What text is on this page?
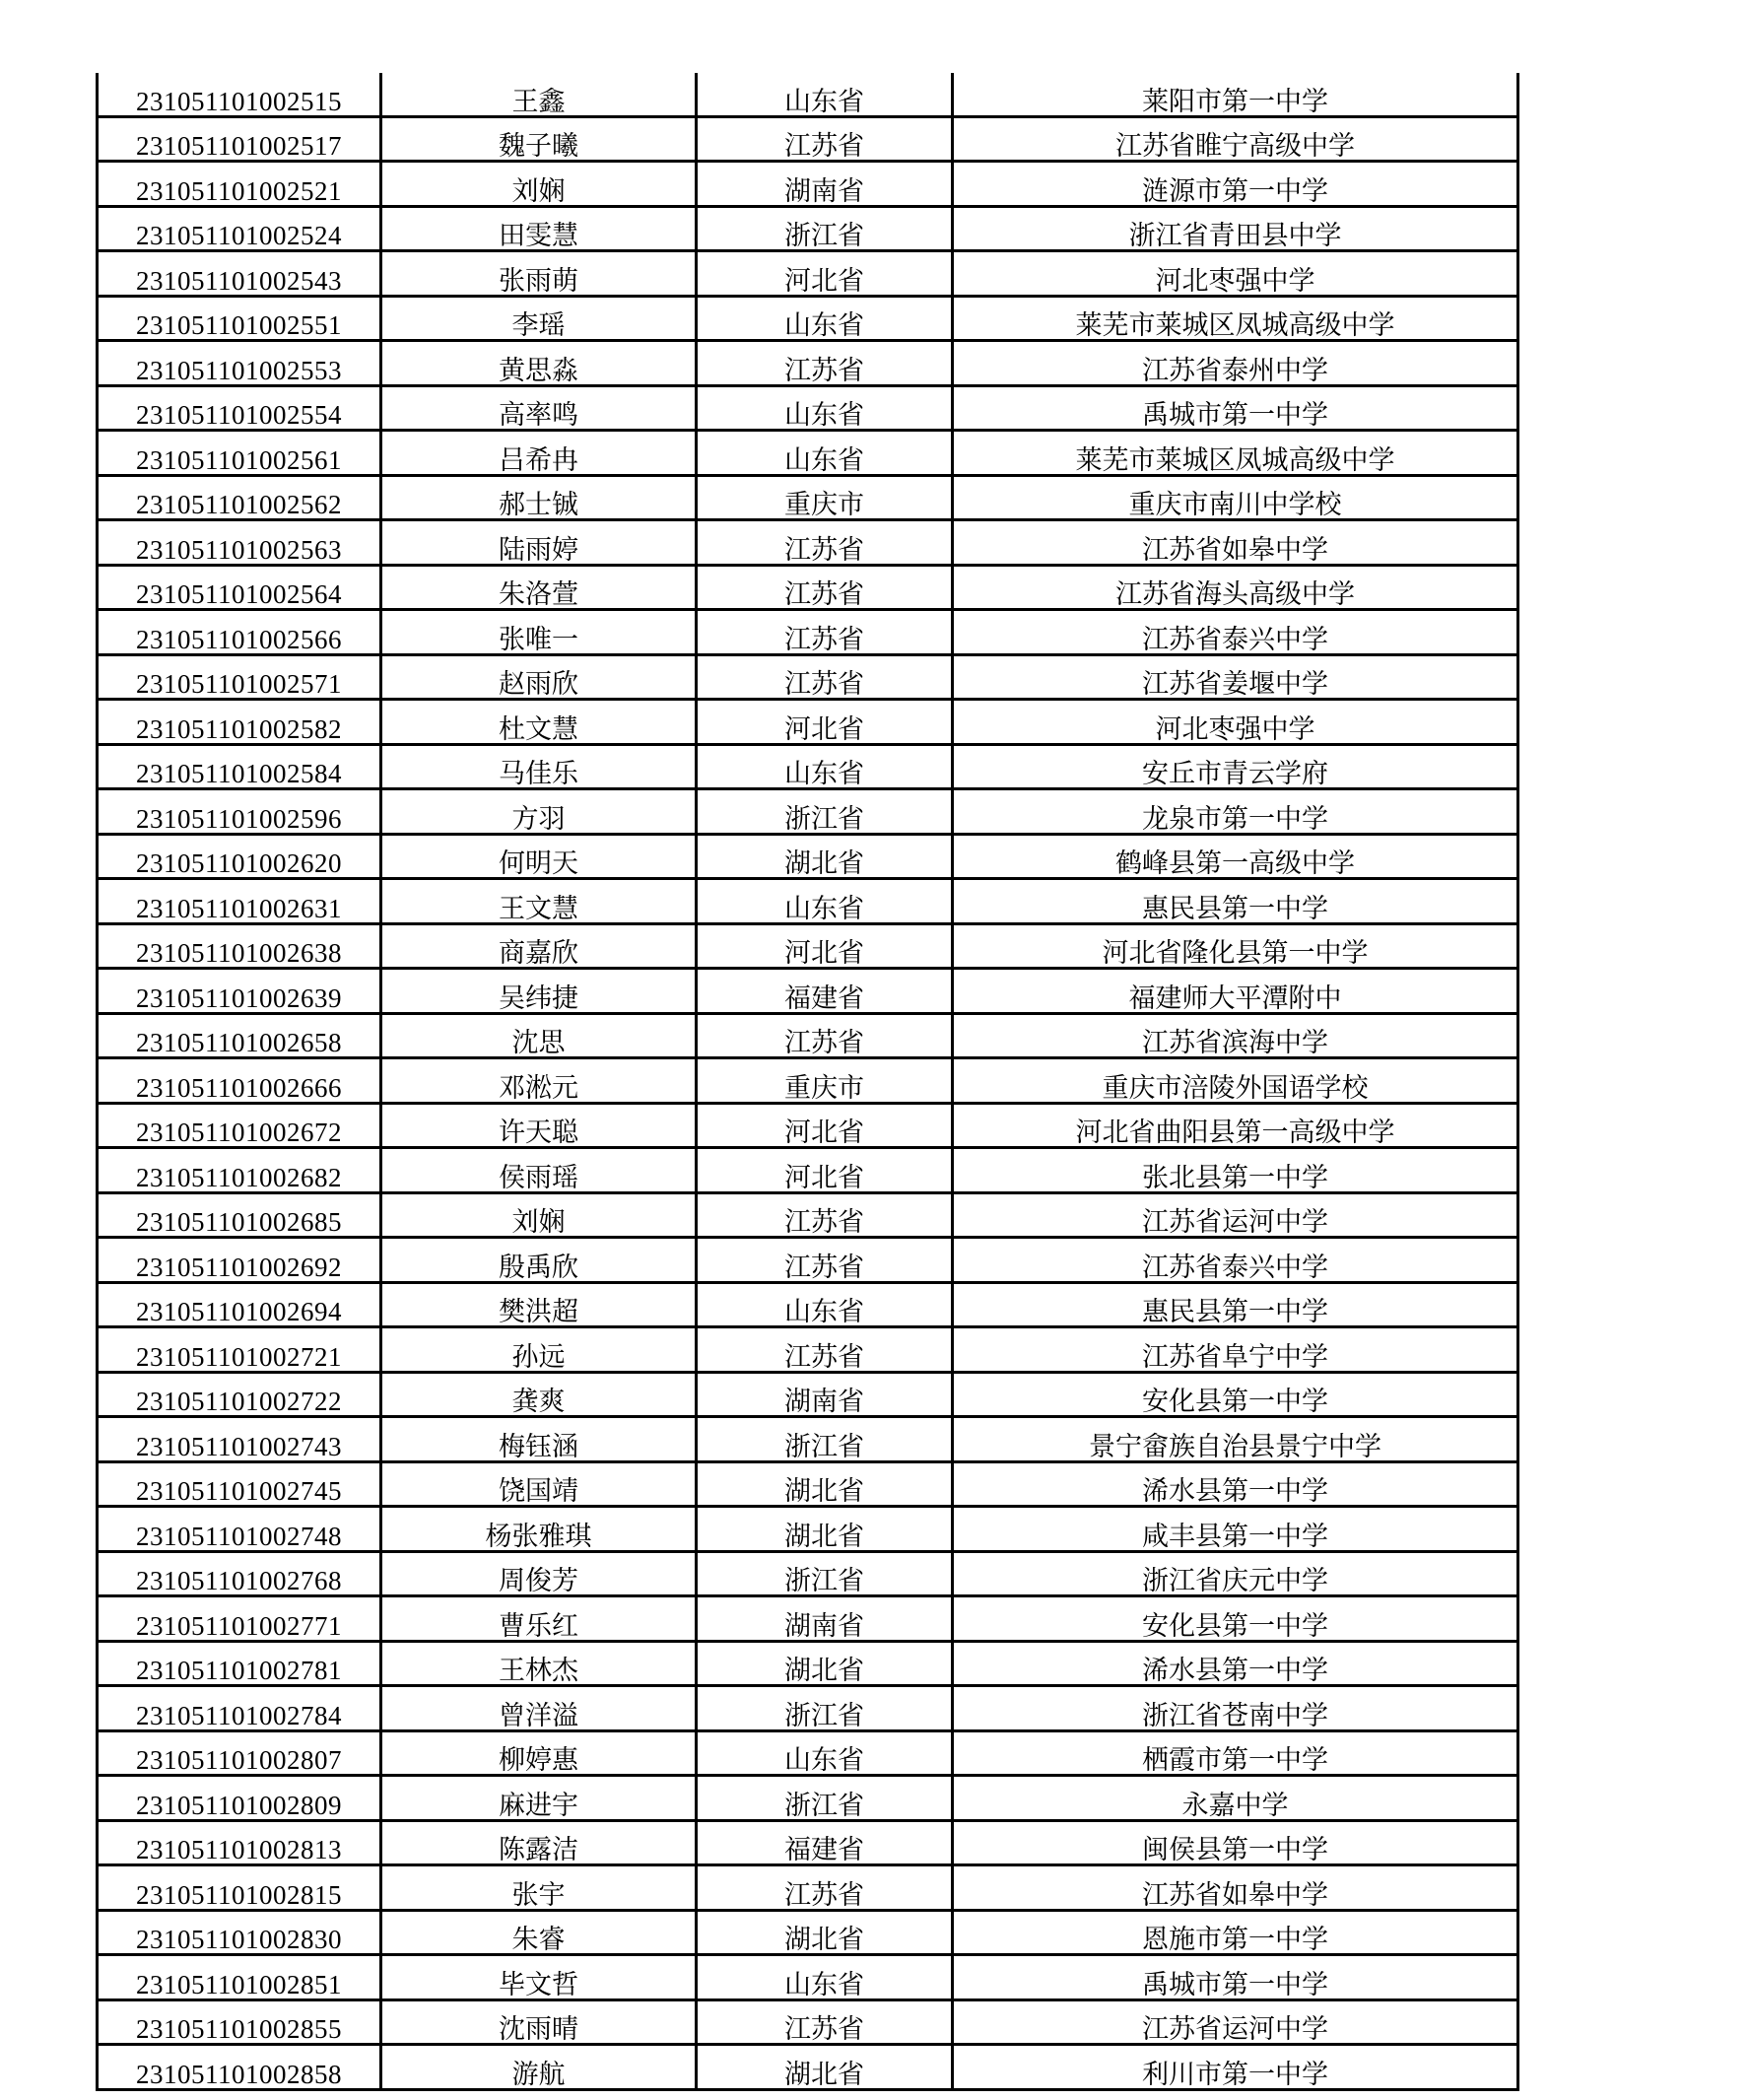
231051101002515	王鑫	山东省	莱阳市第一中学
231051101002517	魏子曦	江苏省	江苏省睢宁高级中学
231051101002521	刘娴	湖南省	涟源市第一中学
231051101002524	田雯慧	浙江省	浙江省青田县中学
231051101002543	张雨萌	河北省	河北枣强中学
231051101002551	李瑶	山东省	莱芜市莱城区凤城高级中学
231051101002553	黄思淼	江苏省	江苏省泰州中学
231051101002554	高率鸣	山东省	禹城市第一中学
231051101002561	吕希冉	山东省	莱芜市莱城区凤城高级中学
231051101002562	郝士铖	重庆市	重庆市南川中学校
231051101002563	陆雨婷	江苏省	江苏省如皋中学
231051101002564	朱洛萱	江苏省	江苏省海头高级中学
231051101002566	张唯一	江苏省	江苏省泰兴中学
231051101002571	赵雨欣	江苏省	江苏省姜堰中学
231051101002582	杜文慧	河北省	河北枣强中学
231051101002584	马佳乐	山东省	安丘市青云学府
231051101002596	方羽	浙江省	龙泉市第一中学
231051101002620	何明天	湖北省	鹤峰县第一高级中学
231051101002631	王文慧	山东省	惠民县第一中学
231051101002638	商嘉欣	河北省	河北省隆化县第一中学
231051101002639	吴纬捷	福建省	福建师大平潭附中
231051101002658	沈思	江苏省	江苏省滨海中学
231051101002666	邓淞元	重庆市	重庆市涪陵外国语学校
231051101002672	许天聪	河北省	河北省曲阳县第一高级中学
231051101002682	侯雨瑶	河北省	张北县第一中学
231051101002685	刘娴	江苏省	江苏省运河中学
231051101002692	殷禹欣	江苏省	江苏省泰兴中学
231051101002694	樊洪超	山东省	惠民县第一中学
231051101002721	孙远	江苏省	江苏省阜宁中学
231051101002722	龚爽	湖南省	安化县第一中学
231051101002743	梅钰涵	浙江省	景宁畲族自治县景宁中学
231051101002745	饶国靖	湖北省	浠水县第一中学
231051101002748	杨张雅琪	湖北省	咸丰县第一中学
231051101002768	周俊芳	浙江省	浙江省庆元中学
231051101002771	曹乐红	湖南省	安化县第一中学
231051101002781	王林杰	湖北省	浠水县第一中学
231051101002784	曾洋溢	浙江省	浙江省苍南中学
231051101002807	柳婷惠	山东省	栖霞市第一中学
231051101002809	麻进宇	浙江省	永嘉中学
231051101002813	陈露洁	福建省	闽侯县第一中学
231051101002815	张宇	江苏省	江苏省如皋中学
231051101002830	朱睿	湖北省	恩施市第一中学
231051101002851	毕文哲	山东省	禹城市第一中学
231051101002855	沈雨晴	江苏省	江苏省运河中学
231051101002858	游航	湖北省	利川市第一中学
